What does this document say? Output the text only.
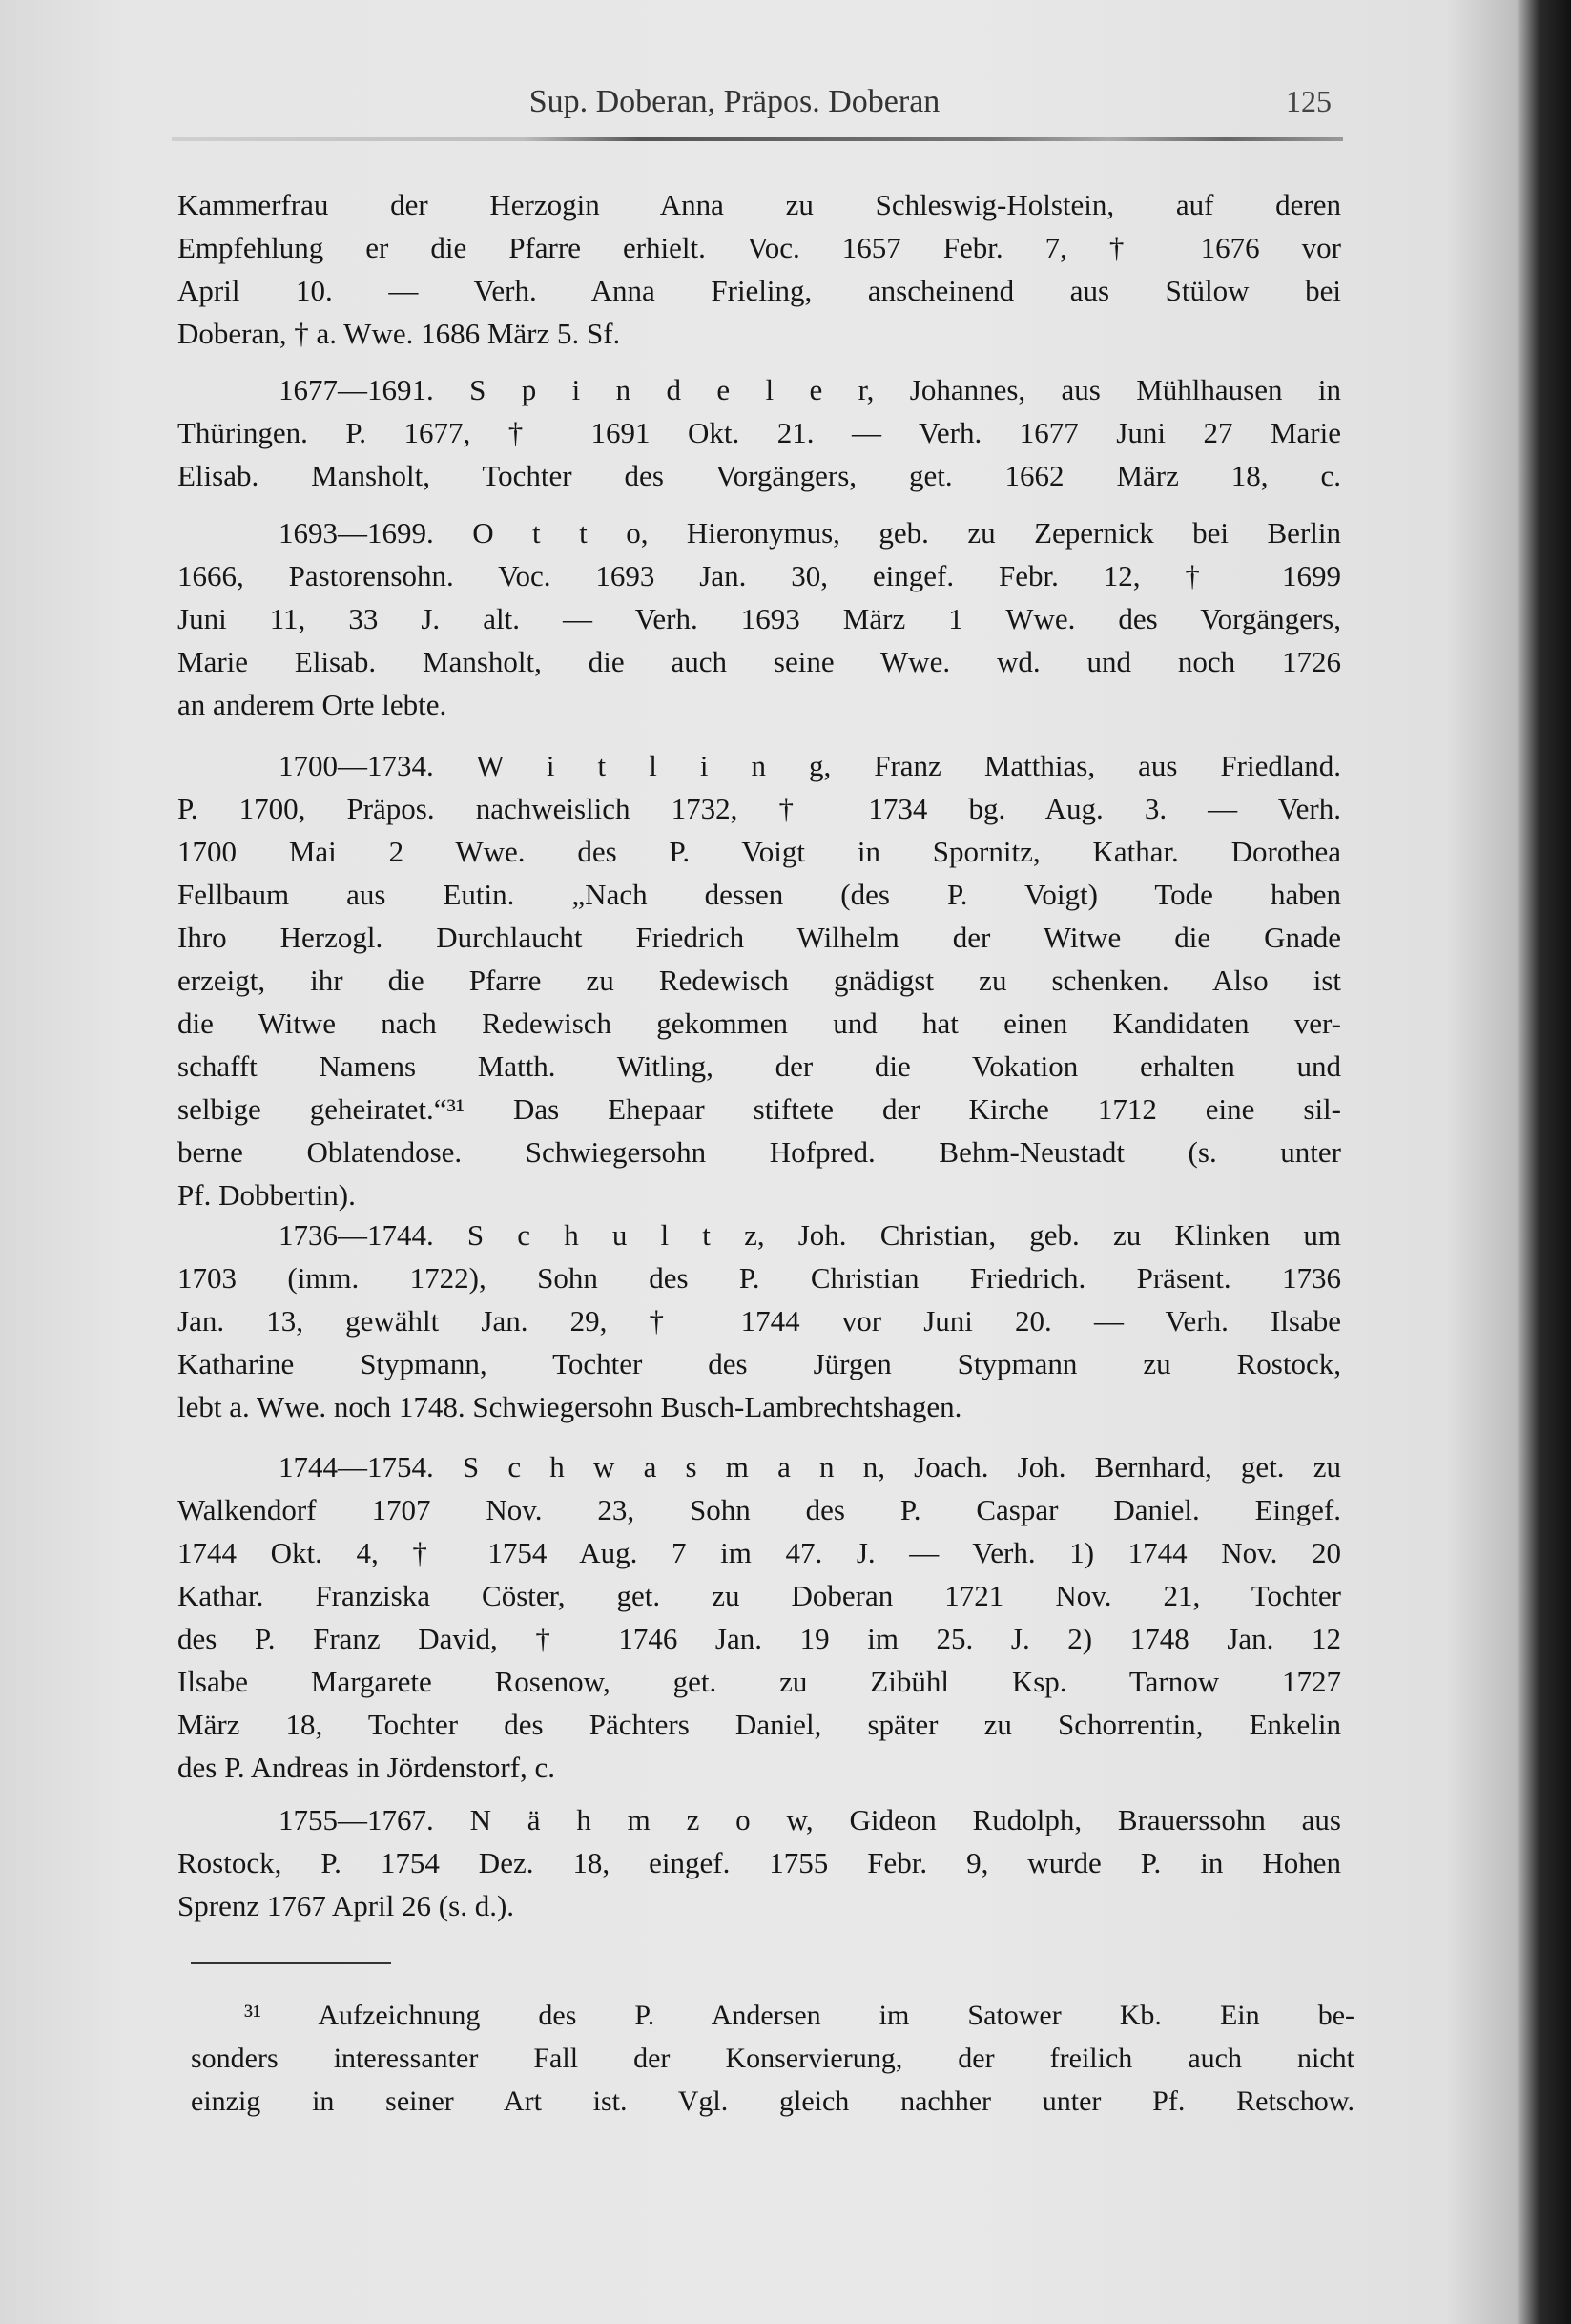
Sup. Doberan, Präpos. Doberan	125
Kammerfrau der Herzogin Anna zu Schleswig-Holstein, auf deren
Empfehlung er die Pfarre erhielt. Voc. 1657 Febr. 7, † 1676 vor
April 10. — Verh. Anna Frieling, anscheinend aus Stülow bei
Doberan, † a. Wwe. 1686 März 5. Sf.
1677—1691. S p i n d e l e r, Johannes, aus Mühlhausen in
Thüringen. P. 1677, † 1691 Okt. 21. — Verh. 1677 Juni 27 Marie
Elisab. Mansholt, Tochter des Vorgängers, get. 1662 März 18, c.
1693—1699. O t t o, Hieronymus, geb. zu Zepernick bei Berlin
1666, Pastorensohn. Voc. 1693 Jan. 30, eingef. Febr. 12, † 1699
Juni 11, 33 J. alt. — Verh. 1693 März 1 Wwe. des Vorgängers,
Marie Elisab. Mansholt, die auch seine Wwe. wd. und noch 1726
an anderem Orte lebte.
1700—1734. W i t l i n g, Franz Matthias, aus Friedland.
P. 1700, Präpos. nachweislich 1732, † 1734 bg. Aug. 3. — Verh.
1700 Mai 2 Wwe. des P. Voigt in Spornitz, Kathar. Dorothea
Fellbaum aus Eutin. „Nach dessen (des P. Voigt) Tode haben
Ihro Herzogl. Durchlaucht Friedrich Wilhelm der Witwe die Gnade
erzeigt, ihr die Pfarre zu Redewisch gnädigst zu schenken. Also ist
die Witwe nach Redewisch gekommen und hat einen Kandidaten ver-
schafft Namens Matth. Witling, der die Vokation erhalten und
selbige geheiratet.“³¹ Das Ehepaar stiftete der Kirche 1712 eine sil-
berne Oblatendose. Schwiegersohn Hofpred. Behm-Neustadt (s. unter
Pf. Dobbertin).
1736—1744. S c h u l t z, Joh. Christian, geb. zu Klinken um
1703 (imm. 1722), Sohn des P. Christian Friedrich. Präsent. 1736
Jan. 13, gewählt Jan. 29, † 1744 vor Juni 20. — Verh. Ilsabe
Katharine Stypmann, Tochter des Jürgen Stypmann zu Rostock,
lebt a. Wwe. noch 1748. Schwiegersohn Busch-Lambrechtshagen.
1744—1754. S c h w a s m a n n, Joach. Joh. Bernhard, get. zu
Walkendorf 1707 Nov. 23, Sohn des P. Caspar Daniel. Eingef.
1744 Okt. 4, † 1754 Aug. 7 im 47. J. — Verh. 1) 1744 Nov. 20
Kathar. Franziska Cöster, get. zu Doberan 1721 Nov. 21, Tochter
des P. Franz David, † 1746 Jan. 19 im 25. J. 2) 1748 Jan. 12
Ilsabe Margarete Rosenow, get. zu Zibühl Ksp. Tarnow 1727
März 18, Tochter des Pächters Daniel, später zu Schorrentin, Enkelin
des P. Andreas in Jördenstorf, c.
1755—1767. N ä h m z o w, Gideon Rudolph, Brauerssohn aus
Rostock, P. 1754 Dez. 18, eingef. 1755 Febr. 9, wurde P. in Hohen
Sprenz 1767 April 26 (s. d.).
³¹ Aufzeichnung des P. Andersen im Satower Kb. Ein be-
sonders interessanter Fall der Konservierung, der freilich auch nicht
einzig in seiner Art ist. Vgl. gleich nachher unter Pf. Retschow.
